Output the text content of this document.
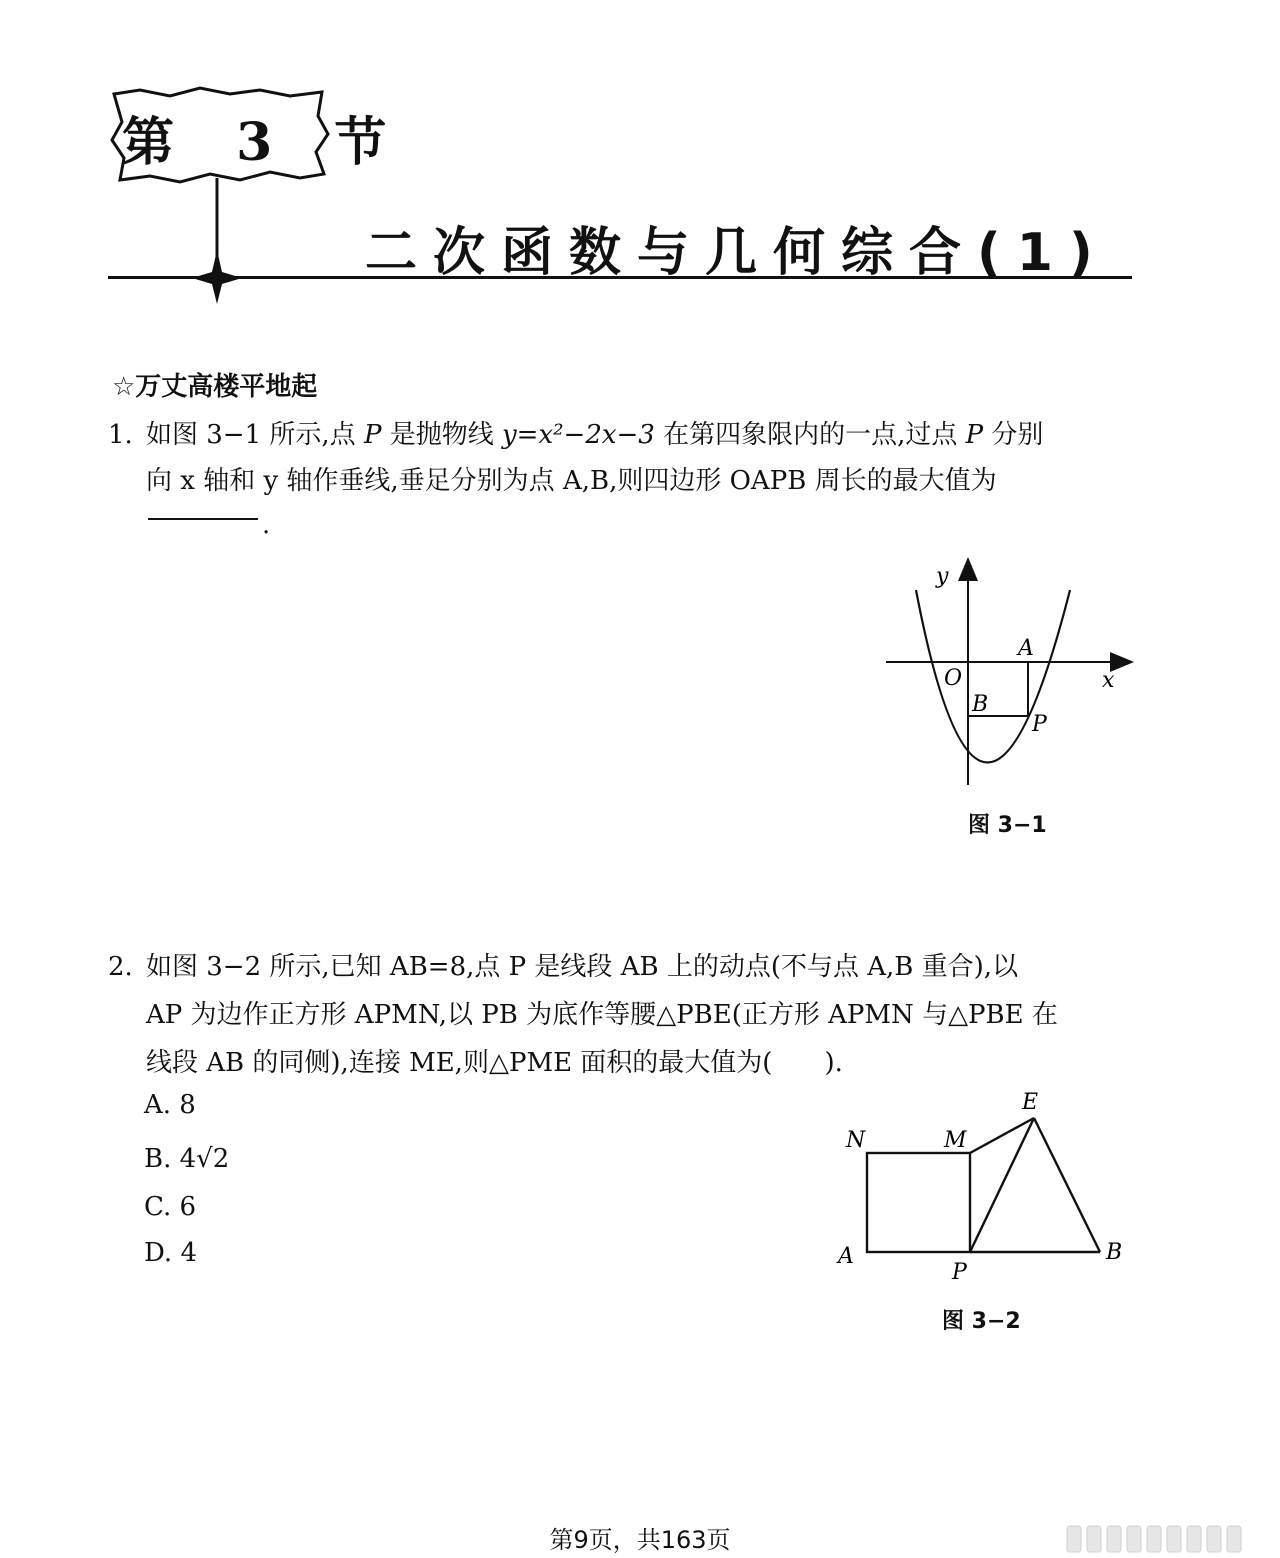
第 3 节
二次函数与几何综合(1)
☆万丈高楼平地起
1. 如图 3−1 所示,点 P 是抛物线 y=x²−2x−3 在第四象限内的一点,过点 P 分别
向 x 轴和 y 轴作垂线,垂足分别为点 A,B,则四边形 OAPB 周长的最大值为
.
y
x
O
A
B
P
图 3−1
2. 如图 3−2 所示,已知 AB=8,点 P 是线段 AB 上的动点(不与点 A,B 重合),以
AP 为边作正方形 APMN,以 PB 为底作等腰△PBE(正方形 APMN 与△PBE 在
线段 AB 的同侧),连接 ME,则△PME 面积的最大值为(　　).
A. 8
B. 4√2
C. 6
D. 4
N	M
E
A
P
B
图 3−2
第9页，共163页
